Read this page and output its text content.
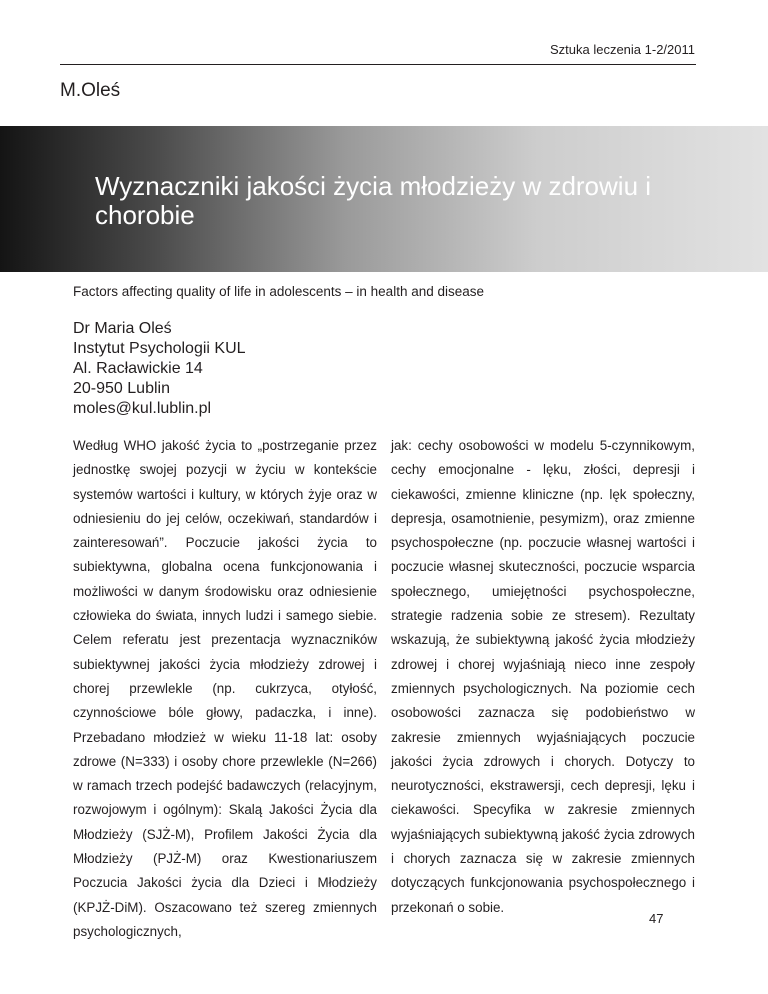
Sztuka leczenia 1-2/2011
M.Oleś
Wyznaczniki jakości życia młodzieży w zdrowiu i chorobie
Factors affecting quality of life in adolescents – in health and disease
Dr Maria Oleś
Instytut Psychologii KUL
Al. Racławickie 14
20-950 Lublin
moles@kul.lublin.pl

Według WHO jakość życia to „postrzeganie przez jednostkę swojej pozycji w życiu w kontekście systemów wartości i kultury, w których żyje oraz w odniesieniu do jej celów, oczekiwań, standardów i zainteresowań”. Poczucie jakości życia to subiektywna, globalna ocena funkcjonowania i możliwości w danym środowisku oraz odniesienie człowieka do świata, innych ludzi i samego siebie. Celem referatu jest prezentacja wyznaczników subiektywnej jakości życia młodzieży zdrowej i chorej przewlekle (np. cukrzyca, otyłość, czynnościowe bóle głowy, padaczka, i inne). Przebadano młodzież w wieku 11-18 lat: osoby zdrowe (N=333) i osoby chore przewlekle (N=266) w ramach trzech podejść badawczych (relacyjnym, rozwojowym i ogólnym): Skalą Jakości Życia dla Młodzieży (SJŻ-M), Profilem Jakości Życia dla Młodzieży (PJŻ-M) oraz Kwestionariuszem Poczucia Jakości życia dla Dzieci i Młodzieży (KPJŻ-DiM). Oszacowano też szereg zmiennych psychologicznych,

jak: cechy osobowości w modelu 5-czynnikowym, cechy emocjonalne - lęku, złości, depresji i ciekawości, zmienne kliniczne (np. lęk społeczny, depresja, osamotnienie, pesymizm), oraz zmienne psychospołeczne (np. poczucie własnej wartości i poczucie własnej skuteczności, poczucie wsparcia społecznego, umiejętności psychospołeczne, strategie radzenia sobie ze stresem). Rezultaty wskazują, że subiektywną jakość życia młodzieży zdrowej i chorej wyjaśniają nieco inne zespoły zmiennych psychologicznych. Na poziomie cech osobowości zaznacza się podobieństwo w zakresie zmiennych wyjaśniających poczucie jakości życia zdrowych i chorych. Dotyczy to neurotyczności, ekstrawersji, cech depresji, lęku i ciekawości. Specyfika w zakresie zmiennych wyjaśniających subiektywną jakość życia zdrowych i chorych zaznacza się w zakresie zmiennych dotyczących funkcjonowania psychospołecznego i przekonań o sobie.

47
